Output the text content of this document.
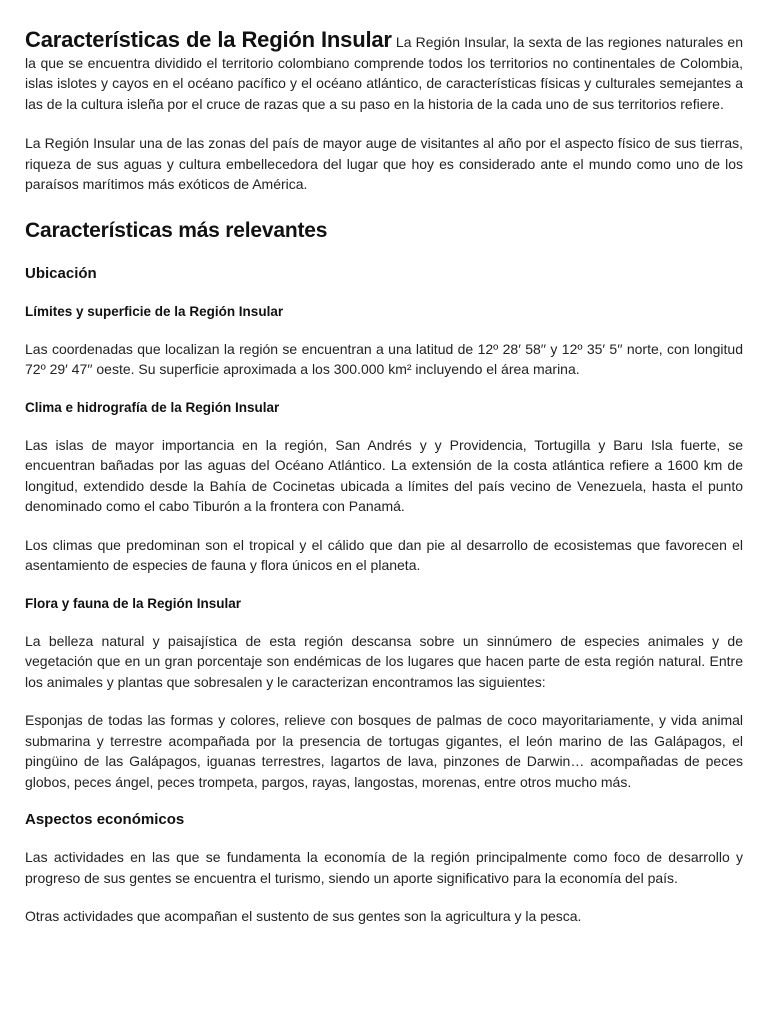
Características de la Región Insular La Región Insular, la sexta de las regiones naturales en la que se encuentra dividido el territorio colombiano comprende todos los territorios no continentales de Colombia, islas islotes y cayos en el océano pacífico y el océano atlántico, de características físicas y culturales semejantes a las de la cultura isleña por el cruce de razas que a su paso en la historia de la cada uno de sus territorios refiere.

La Región Insular una de las zonas del país de mayor auge de visitantes al año por el aspecto físico de sus tierras, riqueza de sus aguas y cultura embellecedora del lugar que hoy es considerado ante el mundo como uno de los paraísos marítimos más exóticos de América.

Características más relevantes
Ubicación
Límites y superficie de la Región Insular

Las coordenadas que localizan la región se encuentran a una latitud de 12º 28′ 58′′ y 12º 35′ 5′′ norte, con longitud 72º 29′ 47′′ oeste. Su superficie aproximada a los 300.000 km² incluyendo el área marina.

Clima e hidrografía de la Región Insular

Las islas de mayor importancia en la región, San Andrés y y Providencia, Tortugilla y Baru Isla fuerte, se encuentran bañadas por las aguas del Océano Atlántico. La extensión de la costa atlántica refiere a 1600 km de longitud, extendido desde la Bahía de Cocinetas ubicada a límites del país vecino de Venezuela, hasta el punto denominado como el cabo Tiburón a la frontera con Panamá.

Los climas que predominan son el tropical y el cálido que dan pie al desarrollo de ecosistemas que favorecen el asentamiento de especies de fauna y flora únicos en el planeta.

Flora y fauna de la Región Insular

La belleza natural y paisajística de esta región descansa sobre un sinnúmero de especies animales y de vegetación que en un gran porcentaje son endémicas de los lugares que hacen parte de esta región natural. Entre los animales y plantas que sobresalen y le caracterizan encontramos las siguientes:

Esponjas de todas las formas y colores, relieve con bosques de palmas de coco mayoritariamente, y vida animal submarina y terrestre acompañada por la presencia de tortugas gigantes, el león marino de las Galápagos, el pingüino de las Galápagos, iguanas terrestres, lagartos de lava, pinzones de Darwin… acompañadas de peces globos, peces ángel, peces trompeta, pargos, rayas, langostas, morenas, entre otros mucho más.

Aspectos económicos

Las actividades en las que se fundamenta la economía de la región principalmente como foco de desarrollo y progreso de sus gentes se encuentra el turismo, siendo un aporte significativo para la economía del país.

Otras actividades que acompañan el sustento de sus gentes son la agricultura y la pesca.
